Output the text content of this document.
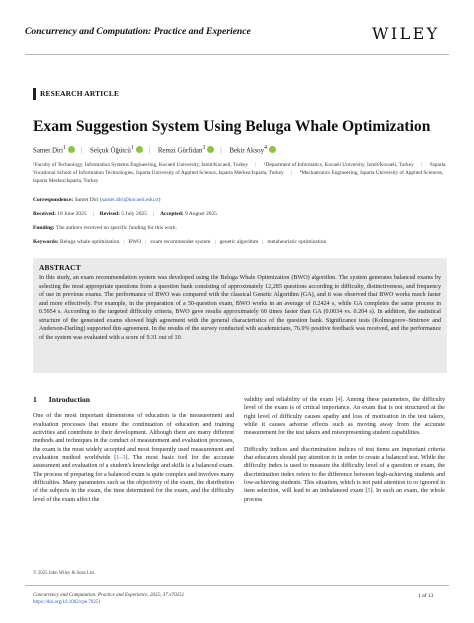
Concurrency and Computation: Practice and Experience	WILEY
RESEARCH ARTICLE
Exam Suggestion System Using Beluga Whale Optimization
Samet Diri$^1$ | Selçuk Öğütcü$^1$ | Remzi Gürfidan$^3$ | Bekir Aksoy$^4$
¹Faculty of Technology, Information Systems Engineering, Kocaeli University, İzmit/Kocaeli, Turkey | ²Department of Informatics, Kocaeli University, İzmit/Kocaeli, Turkey | ³Isparta Vocational School of Information Technologies, Isparta University of Applied Science, Isparta Merkez/Isparta, Turkey | ⁴Mechatronics Engineering, Isparta University of Applied Sciences, Isparta Merkez/Isparta, Turkey
Correspondence: Samet Diri (samet.diri@kocaeli.edu.tr)
Received: 18 June 2025 | Revised: 5 July 2025 | Accepted: 9 August 2025
Funding: The authors received no specific funding for this work.
Keywords: Beluga whale optimization | BWO | exam recommender system | genetic algorithm | metaheuristic optimization
ABSTRACT

In this study, an exam recommendation system was developed using the Beluga Whale Optimization (BWO) algorithm. The system generates balanced exams by selecting the most appropriate questions from a question bank consisting of approximately 12,285 questions according to difficulty, distinctiveness, and frequency of use in previous exams. The performance of BWO was compared with the classical Genetic Algorithm (GA), and it was observed that BWO works much faster and more effectively. For example, in the preparation of a 50-question exam, BWO works in an average of 0.2424 s, while GA completes the same process in 0.5954 s. According to the targeted difficulty criteria, BWO gave results approximately 60 times faster than GA (0.0034 vs. 0.204 s). In addition, the statistical structure of the generated exams showed high agreement with the general characteristics of the question bank. Significance tests (Kolmogorov–Smirnov and Anderson-Darling) supported this agreement. In the results of the survey conducted with academicians, 76.9% positive feedback was received, and the performance of the system was evaluated with a score of 9.31 out of 10.

1 Introduction

One of the most important dimensions of education is the measurement and evaluation processes that ensure the continuation of education and training activities and contribute to their development. Although there are many different methods and techniques in the conduct of measurement and evaluation processes, the exam is the most widely accepted and most frequently used measurement and evaluation method worldwide [1–3]. The most basic tool for the accurate assessment and evaluation of a student's knowledge and skills is a balanced exam. The process of preparing for a balanced exam is quite complex and involves many difficulties. Many parameters such as the objectivity of the exam, the distribution of the subjects in the exam, the time determined for the exam, and the difficulty level of the exam affect the

validity and reliability of the exam [4]. Among these parameters, the difficulty level of the exam is of critical importance. An exam that is not structured at the right level of difficulty causes apathy and loss of motivation in the test takers, while it causes adverse effects such as moving away from the accurate measurement for the test takers and misrepresenting student capabilities.

Difficulty indices and discrimination indices of test items are important criteria that educators should pay attention to in order to create a balanced test. While the difficulty index is used to measure the difficulty level of a question or exam, the discrimination index refers to the difference between high-achieving students and low-achieving students. This situation, which is not paid attention to or ignored in item selection, will lead to an imbalanced exam [5]. In such an exam, the whole process

© 2025 John Wiley & Sons Ltd.
Concurrency and Computation: Practice and Experience, 2025; 37:e70251
https://doi.org/10.1002/cpe.70251
1 of 13
